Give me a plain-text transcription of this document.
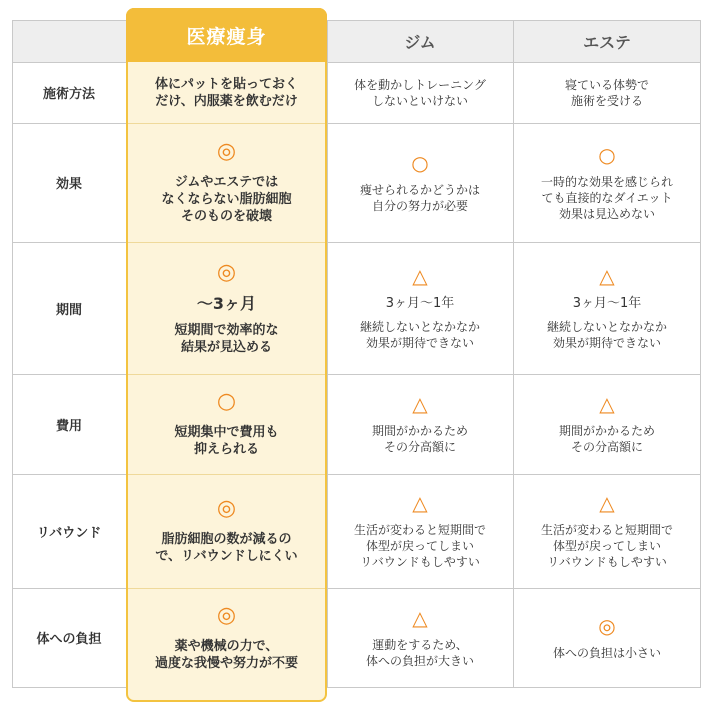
ジム	エステ
医療痩身
施術方法
体にパットを貼っておく
だけ、内服薬を飲むだけ
体を動かしトレーニング
しないといけない
寝ている体勢で
施術を受ける
効果
◎
ジムやエステでは
なくならない脂肪細胞
そのものを破壊
○
痩せられるかどうかは
自分の努力が必要
○
一時的な効果を感じられ
ても直接的なダイエット
効果は見込めない
期間
◎
〜3ヶ月
短期間で効率的な
結果が見込める
△
3ヶ月〜1年
継続しないとなかなか
効果が期待できない
△
3ヶ月〜1年
継続しないとなかなか
効果が期待できない
費用
○
短期集中で費用も
抑えられる
△
期間がかかるため
その分高額に
△
期間がかかるため
その分高額に
リバウンド
◎
脂肪細胞の数が減るの
で、リバウンドしにくい
△
生活が変わると短期間で
体型が戻ってしまい
リバウンドもしやすい
△
生活が変わると短期間で
体型が戻ってしまい
リバウンドもしやすい
体への負担
◎
薬や機械の力で、
過度な我慢や努力が不要
△
運動をするため、
体への負担が大きい
◎
体への負担は小さい
